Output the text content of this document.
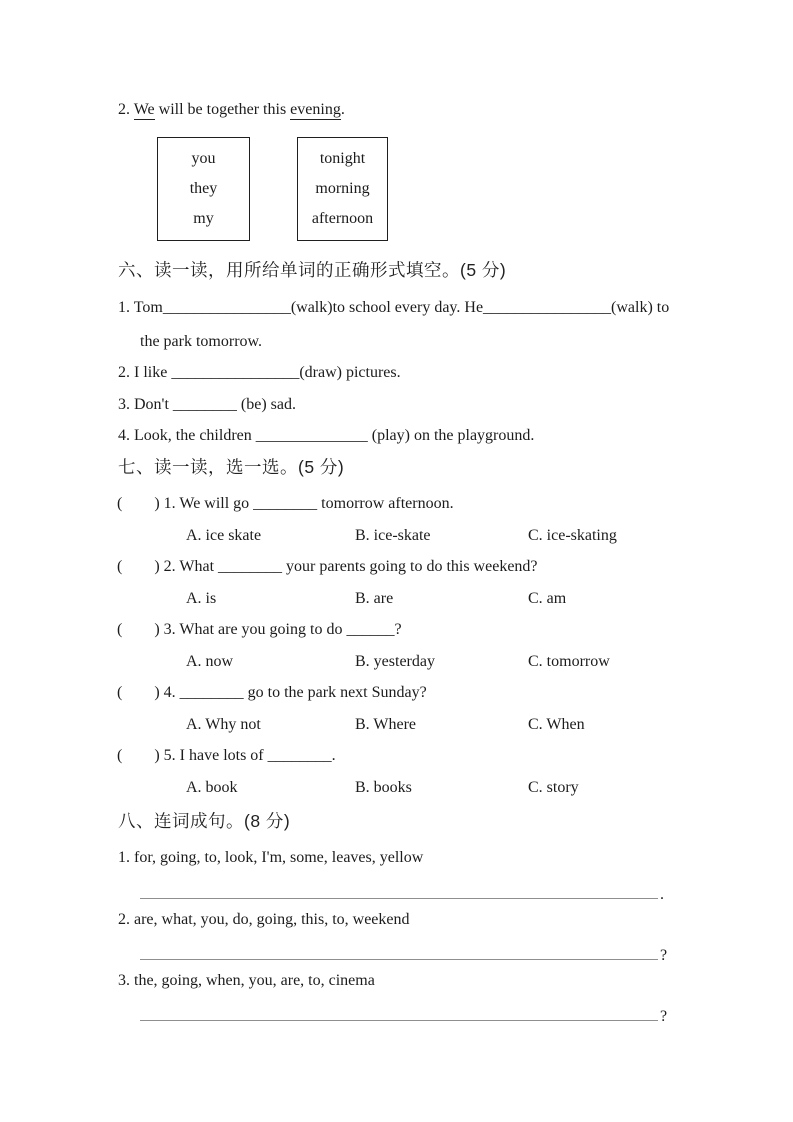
2. We will be together this evening.
you
they
my
tonight
morning
afternoon
六、读一读，用所给单词的正确形式填空。(5 分)
1. Tom________________(walk)to school every day. He________________(walk) to
the park tomorrow.
2. I like ________________(draw) pictures.
3. Don't ________ (be) sad.
4. Look, the children ______________ (play) on the playground.
七、读一读，选一选。(5 分)
(        ) 1. We will go ________ tomorrow afternoon.
A. ice skate	B. ice-skate	C. ice-skating
(        ) 2. What ________ your parents going to do this weekend?
A. is	B. are	C. am
(        ) 3. What are you going to do ______?
A. now	B. yesterday	C. tomorrow
(        ) 4. ________ go to the park next Sunday?
A. Why not	B. Where	C. When
(        ) 5. I have lots of ________.
A. book	B. books	C. story
八、连词成句。(8 分)
1. for, going, to, look, I'm, some, leaves, yellow
.
2. are, what, you, do, going, this, to, weekend
?
3. the, going, when, you, are, to, cinema
?
